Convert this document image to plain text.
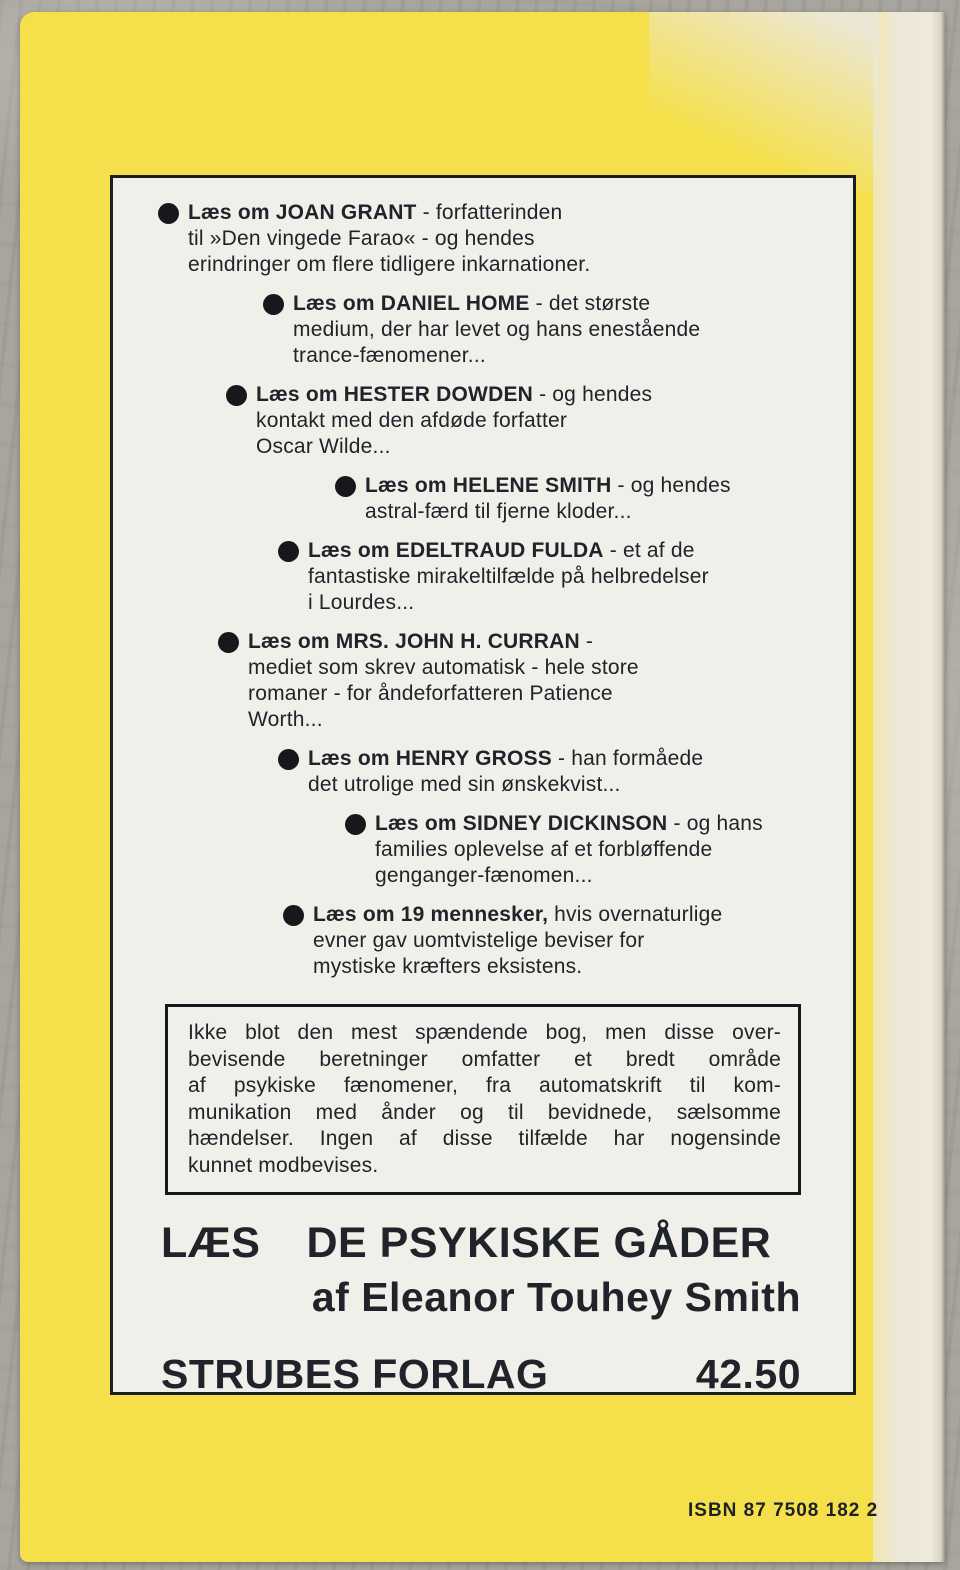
Læs om JOAN GRANT - forfatterinden
til »Den vingede Farao« - og hendes
erindringer om flere tidligere inkarnationer.
Læs om DANIEL HOME - det største
medium, der har levet og hans enestående
trance-fænomener...
Læs om HESTER DOWDEN - og hendes
kontakt med den afdøde forfatter
Oscar Wilde...
Læs om HELENE SMITH - og hendes
astral-færd til fjerne kloder...
Læs om EDELTRAUD FULDA - et af de
fantastiske mirakeltilfælde på helbredelser
i Lourdes...
Læs om MRS. JOHN H. CURRAN -
mediet som skrev automatisk - hele store
romaner - for åndeforfatteren Patience
Worth...
Læs om HENRY GROSS - han formåede
det utrolige med sin ønskekvist...
Læs om SIDNEY DICKINSON - og hans
families oplevelse af et forbløffende
genganger-fænomen...
Læs om 19 mennesker, hvis overnaturlige
evner gav uomtvistelige beviser for
mystiske kræfters eksistens.
Ikke blot den mest spændende bog, men disse over-
bevisende beretninger omfatter et bredt område
af psykiske fænomener, fra automatskrift til kom-
munikation med ånder og til bevidnede, sælsomme
hændelser. Ingen af disse tilfælde har nogensinde
kunnet modbevises.
LÆS DE PSYKISKE GÅDER
af Eleanor Touhey Smith
STRUBES FORLAG	42.50
ISBN 87 7508 182 2
